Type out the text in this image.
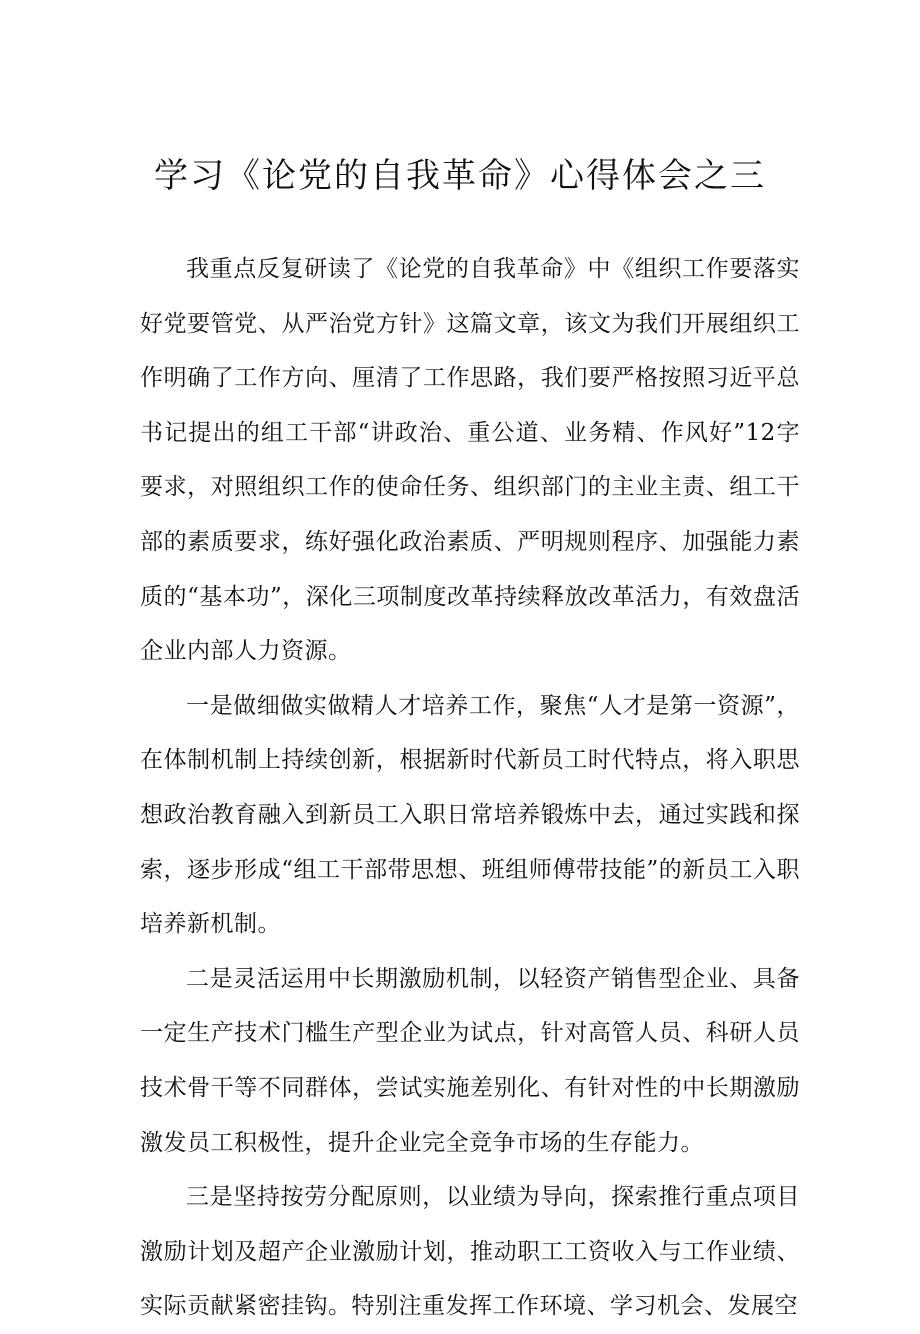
学习《论党的自我革命》心得体会之三

我重点反复研读了《论党的自我革命》中《组织工作要落实好党要管党、从严治党方针》这篇文章，该文为我们开展组织工作明确了工作方向、厘清了工作思路，我们要严格按照习近平总书记提出的组工干部“讲政治、重公道、业务精、作风好”12字要求，对照组织工作的使命任务、组织部门的主业主责、组工干部的素质要求，练好强化政治素质、严明规则程序、加强能力素质的“基本功”，深化三项制度改革持续释放改革活力，有效盘活企业内部人力资源。

一是做细做实做精人才培养工作，聚焦“人才是第一资源”，在体制机制上持续创新，根据新时代新员工时代特点，将入职思想政治教育融入到新员工入职日常培养锻炼中去，通过实践和探索，逐步形成“组工干部带思想、班组师傅带技能”的新员工入职培养新机制。

二是灵活运用中长期激励机制，以轻资产销售型企业、具备一定生产技术门槛生产型企业为试点，针对高管人员、科研人员技术骨干等不同群体，尝试实施差别化、有针对性的中长期激励激发员工积极性，提升企业完全竞争市场的生存能力。

三是坚持按劳分配原则，以业绩为导向，探索推行重点项目激励计划及超产企业激励计划，推动职工工资收入与工作业绩、实际贡献紧密挂钩。特别注重发挥工作环境、学习机会、发展空
